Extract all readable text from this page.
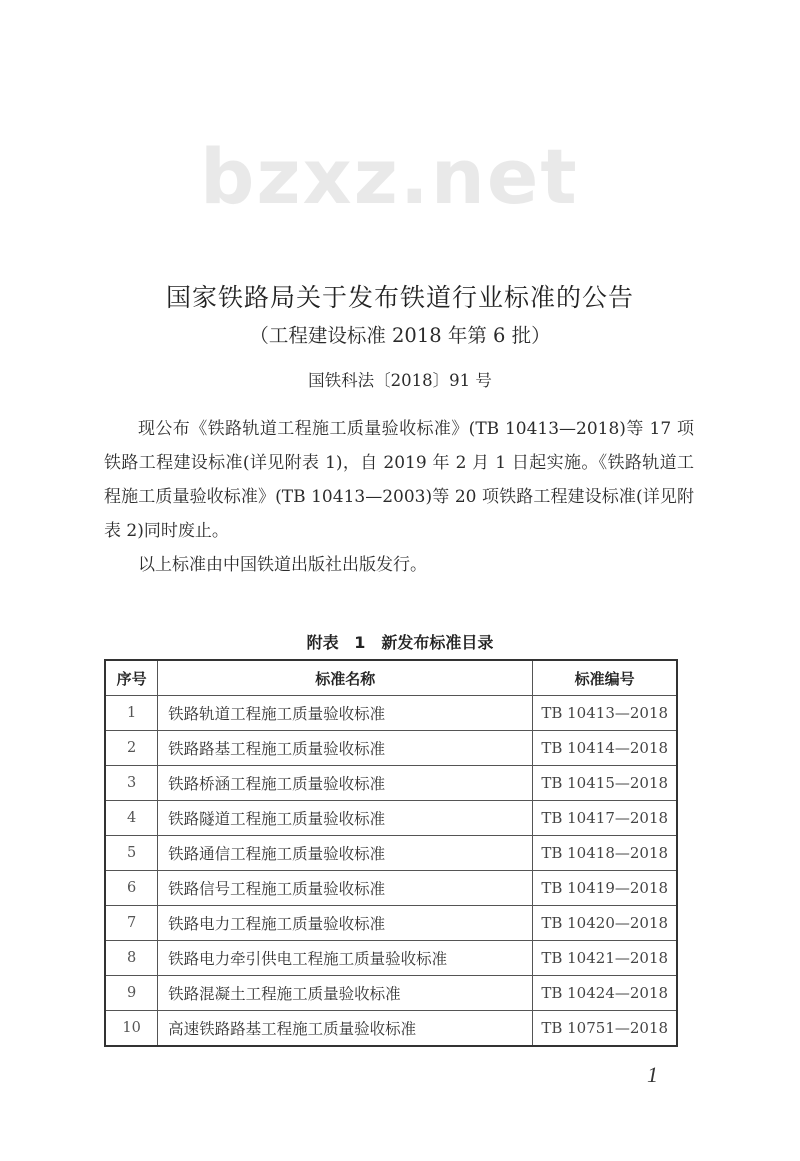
bzxz.net
国家铁路局关于发布铁道行业标准的公告
（工程建设标准 2018 年第 6 批）
国铁科法〔2018〕91 号

现公布《铁路轨道工程施工质量验收标准》(TB 10413—2018)等 17 项铁路工程建设标准(详见附表 1)，自 2019 年 2 月 1 日起实施。《铁路轨道工程施工质量验收标准》(TB 10413—2003)等 20 项铁路工程建设标准(详见附表 2)同时废止。

以上标准由中国铁道出版社出版发行。

附表 1　新发布标准目录
序号	标准名称	标准编号
1	铁路轨道工程施工质量验收标准	TB 10413—2018
2	铁路路基工程施工质量验收标准	TB 10414—2018
3	铁路桥涵工程施工质量验收标准	TB 10415—2018
4	铁路隧道工程施工质量验收标准	TB 10417—2018
5	铁路通信工程施工质量验收标准	TB 10418—2018
6	铁路信号工程施工质量验收标准	TB 10419—2018
7	铁路电力工程施工质量验收标准	TB 10420—2018
8	铁路电力牵引供电工程施工质量验收标准	TB 10421—2018
9	铁路混凝土工程施工质量验收标准	TB 10424—2018
10	高速铁路路基工程施工质量验收标准	TB 10751—2018
1
